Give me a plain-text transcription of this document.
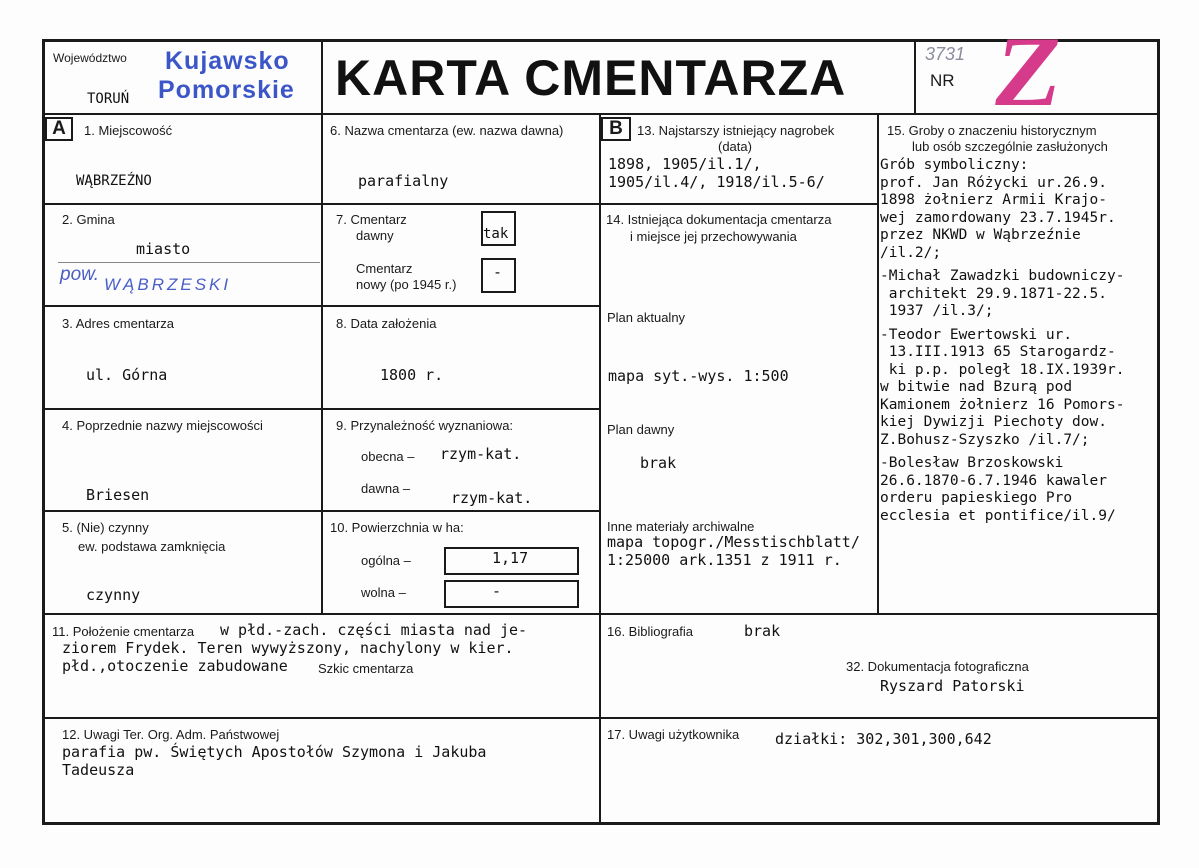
Województwo Kujawsko
Pomorskie
TORUŃ	KARTA CMENTARZA	3731
NR Z
A	B
1. Miejscowość
WĄBRZEŹNO
2. Gmina
miasto
pow. WĄBRZESKI
3. Adres cmentarza
ul. Górna
4. Poprzednie nazwy miejscowości
Briesen
5. (Nie) czynny
ew. podstawa zamknięcia
czynny
6. Nazwa cmentarza (ew. nazwa dawna)
parafialny
7. Cmentarz
dawny	tak
Cmentarz
nowy (po 1945 r.)
-
8. Data założenia
1800 r.
9. Przynależność wyznaniowa:
obecna – rzym-kat.
dawna –
rzym-kat.
10. Powierzchnia w ha:
ogólna –	1,17
wolna –	-
13. Najstarszy istniejący nagrobek
(data)
1898, 1905/il.1/,
1905/il.4/, 1918/il.5-6/
14. Istniejąca dokumentacja cmentarza
i miejsce jej przechowywania
Plan aktualny
mapa syt.-wys. 1:500
Plan dawny
brak
Inne materiały archiwalne
mapa topogr./Messtischblatt/
1:25000 ark.1351 z 1911 r.
15. Groby o znaczeniu historycznym
lub osób szczególnie zasłużonych
Grób symboliczny:
prof. Jan Różycki ur.26.9.
1898 żołnierz Armii Krajo-
wej zamordowany 23.7.1945r.
przez NKWD w Wąbrzeźnie
/il.2/;
-Michał Zawadzki budowniczy-
architekt 29.9.1871-22.5.
1937 /il.3/;
-Teodor Ewertowski ur.
13.III.1913 65 Starogardz-
ki p.p. poległ 18.IX.1939r.
w bitwie nad Bzurą pod
Kamionem żołnierz 16 Pomors-
kiej Dywizji Piechoty dow.
Z.Bohusz-Szyszko /il.7/;
-Bolesław Brzoskowski
26.6.1870-6.7.1946 kawaler
orderu papieskiego Pro
ecclesia et pontifice/il.9/
11. Położenie cmentarza w płd.-zach. części miasta nad je-
ziorem Frydek. Teren wywyższony, nachylony w kier.
płd.,otoczenie zabudowane Szkic cmentarza
16. Bibliografia	brak
32. Dokumentacja fotograficzna
Ryszard Patorski
12. Uwagi Ter. Org. Adm. Państwowej
parafia pw. Świętych Apostołów Szymona i Jakuba
Tadeusza
17. Uwagi użytkownika działki: 302,301,300,642
